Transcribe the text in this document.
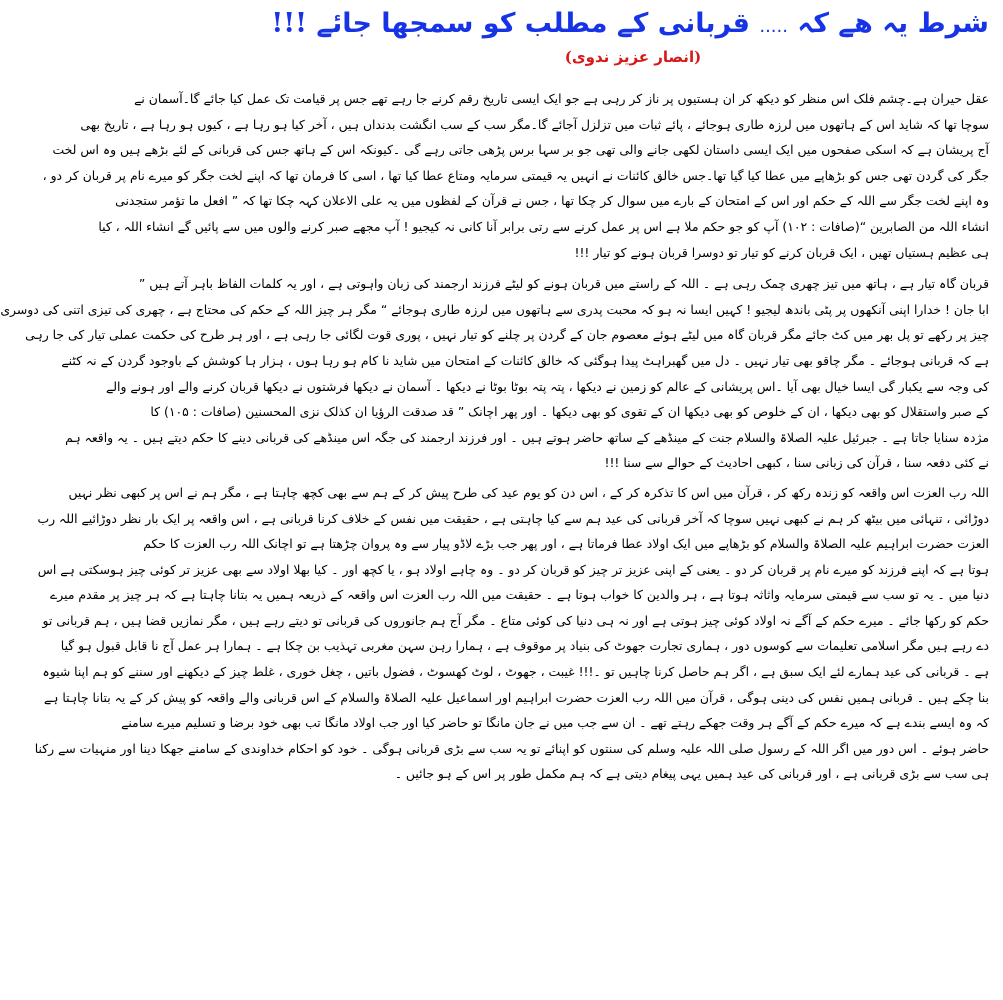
شرط یہ ھے کہ ..... قربانی کے مطلب کو سمجھا جائے !!!
(انصار عزیز ندوی)
عقل حیران ہے۔چشم فلک اس منظر کو دیکھ کر ان ہستیوں پر ناز کر رہی ہے جو ایک ایسی تاریخ رقم کرنے جا رہے تھے جس پر قیامت تک عمل کیا جائے گا۔آسمان نے
سوچا تھا کہ شاید اس کے ہاتھوں میں لرزہ طاری ہوجائے ، پائے ثبات میں تزلزل آجائے گا۔مگر سب کے سب انگشت بدنداں ہیں ، آخر کیا ہو رہا ہے ، کیوں ہو رہا ہے ، تاریخ بھی
آج پریشان ہے کہ اسکی صفحوں میں ایک ایسی داستان لکھی جانے والی تھی جو بر سہا برس پڑھی جاتی رہے گی ۔کیونکہ اس کے ہاتھ جس کی قربانی کے لئے بڑھے ہیں وہ اس لخت
جگر کی گردن تھی جس کو بڑھاپے میں عطا کیا گیا تھا۔جس خالق کائنات نے انہیں یہ قیمتی سرمایہ ومتاع عطا کیا تھا ، اسی کا فرمان تھا کہ اپنے لخت جگر کو میرے نام پر قربان کر دو ،
وہ اپنے لخت جگر سے اللہ کے حکم اور اس کے امتحان کے بارے میں سوال کر چکا تھا ، جس نے قرآن کے لفظوں میں یہ علی الاعلان کہہ چکا تھا کہ ” افعل ما تؤمر ستجدنی
انشاء اللہ من الصابرین “(صافات : ۱۰۲) آپ کو جو حکم ملا ہے اس پر عمل کرنے سے رتی برابر آنا کانی نہ کیجیو ! آپ مجھے صبر کرنے والوں میں سے پائیں گے انشاء اللہ ، کیا
ہی عظیم ہستیاں تھیں ، ایک قربان کرنے کو تیار تو دوسرا قربان ہونے کو تیار !!!
قربان گاہ تیار ہے ، ہاتھ میں تیز چھری چمک رہی ہے ۔ اللہ کے راستے میں قربان ہونے کو لیٹے فرزند ارجمند کی زبان واہوتی ہے ، اور یہ کلمات الفاظ باہر آتے ہیں ”
ابا جان ! خدارا اپنی آنکھوں پر پٹی باندھ لیجیو ! کہیں ایسا نہ ہو کہ محبت پدری سے ہاتھوں میں لرزہ طاری ہوجائے “ مگر ہر چیز اللہ کے حکم کی محتاج ہے ، چھری کی تیزی اتنی کی دوسری
چیز پر رکھے تو پل بھر میں کٹ جائے مگر قربان گاہ میں لیٹے ہوئے معصوم جان کے گردن پر چلنے کو تیار نہیں ، پوری قوت لگائی جا رہی ہے ، اور ہر طرح کی حکمت عملی تیار کی جا رہی
ہے کہ قربانی ہوجائے ۔ مگر چاقو بھی تیار نہیں ۔ دل میں گھبراہٹ پیدا ہوگئی کہ خالق کائنات کے امتحان میں شاید نا کام ہو رہا ہوں ، ہزار ہا کوشش کے باوجود گردن کے نہ کٹنے
کی وجہ سے یکبار گی ایسا خیال بھی آیا ۔اس پریشانی کے عالم کو زمین نے دیکھا ، پتہ پتہ بوٹا بوٹا نے دیکھا ۔ آسمان نے دیکھا فرشتوں نے دیکھا قربان کرنے والے اور ہونے والے
کے صبر واستقلال کو بھی دیکھا ، ان کے خلوص کو بھی دیکھا ان کے تقوی کو بھی دیکھا ۔ اور پھر اچانک ” قد صدقت الرؤیا ان کذلک نزی المحسنین (صافات : ۱۰۵) کا
مژدہ سنایا جاتا ہے ۔ جبرئیل علیہ الصلاۃ والسلام جنت کے مینڈھے کے ساتھ حاضر ہوتے ہیں ۔ اور فرزند ارجمند کی جگہ اس مینڈھے کی قربانی دینے کا حکم دیتے ہیں ۔ یہ واقعہ ہم
نے کئی دفعہ سنا ، قرآن کی زبانی سنا ، کبھی احادیث کے حوالے سے سنا !!!
اللہ رب العزت اس واقعہ کو زندہ رکھ کر ، قرآن میں اس کا تذکرہ کر کے ، اس دن کو یوم عید کی طرح پیش کر کے ہم سے بھی کچھ چاہتا ہے ، مگر ہم نے اس پر کبھی نظر نہیں
دوڑائی ، تنہائی میں بیٹھ کر ہم نے کبھی نہیں سوچا کہ آخر قربانی کی عید ہم سے کیا چاہتی ہے ، حقیقت میں نفس کے خلاف کرنا قربانی ہے ، اس واقعہ پر ایک بار نظر دوڑائیے اللہ رب
العزت حضرت ابراہیم علیہ الصلاۃ والسلام کو بڑھاپے میں ایک اولاد عطا فرماتا ہے ، اور پھر جب بڑے لاڈو پیار سے وہ پروان چڑھتا ہے تو اچانک اللہ رب العزت کا حکم
ہوتا ہے کہ اپنے فرزند کو میرے نام پر قربان کر دو ۔ یعنی کے اپنی عزیز تر چیز کو قربان کر دو ۔ وہ چاہے اولاد ہو ، یا کچھ اور ۔ کیا بھلا اولاد سے بھی عزیز تر کوئی چیز ہوسکتی ہے اس
دنیا میں ۔ یہ تو سب سے قیمتی سرمایہ واثاثہ ہوتا ہے ، ہر والدین کا خواب ہوتا ہے ۔ حقیقت میں اللہ رب العزت اس واقعہ کے ذریعہ ہمیں یہ بتانا چاہتا ہے کہ ہر چیز پر مقدم میرے
حکم کو رکھا جائے ۔ میرے حکم کے آگے نہ اولاد کوئی چیز ہوتی ہے اور نہ ہی دنیا کی کوئی متاع ۔ مگر آج ہم جانوروں کی قربانی تو دیتے رہے ہیں ، مگر نمازیں قضا ہیں ، ہم قربانی تو
دے رہے ہیں مگر اسلامی تعلیمات سے کوسوں دور ، ہماری تجارت جھوٹ کی بنیاد پر موقوف ہے ، ہمارا رہن سہن مغربی تہذیب بن چکا ہے ۔ ہمارا ہر عمل آج نا قابل قبول ہو گیا
ہے ۔ قربانی کی عید ہمارے لئے ایک سبق ہے ، اگر ہم حاصل کرنا چاہیں تو ۔!!! غیبت ، جھوٹ ، لوٹ کھسوٹ ، فضول باتیں ، چغل خوری ، غلط چیز کے دیکھنے اور سننے کو ہم اپنا شیوہ
بنا چکے ہیں ۔ قربانی ہمیں نفس کی دینی ہوگی ، قرآن میں اللہ رب العزت حضرت ابراہیم اور اسماعیل علیہ الصلاۃ والسلام کے اس قربانی والے واقعہ کو پیش کر کے یہ بتانا چاہتا ہے
کہ وہ ایسے بندے ہے کہ میرے حکم کے آگے ہر وقت جھکے رہتے تھے ۔ ان سے جب میں نے جان مانگا تو حاضر کیا اور جب اولاد مانگا تب بھی خود برضا و تسلیم میرے سامنے
حاضر ہوئے ۔ اس دور میں اگر اللہ کے رسول صلی اللہ علیہ وسلم کی سنتوں کو اپنائے تو یہ سب سے بڑی قربانی ہوگی ۔ خود کو احکام خداوندی کے سامنے جھکا دینا اور منہیات سے رکنا
ہی سب سے بڑی قربانی ہے ، اور قربانی کی عید ہمیں یہی پیغام دیتی ہے کہ ہم مکمل طور پر اس کے ہو جائیں ۔
